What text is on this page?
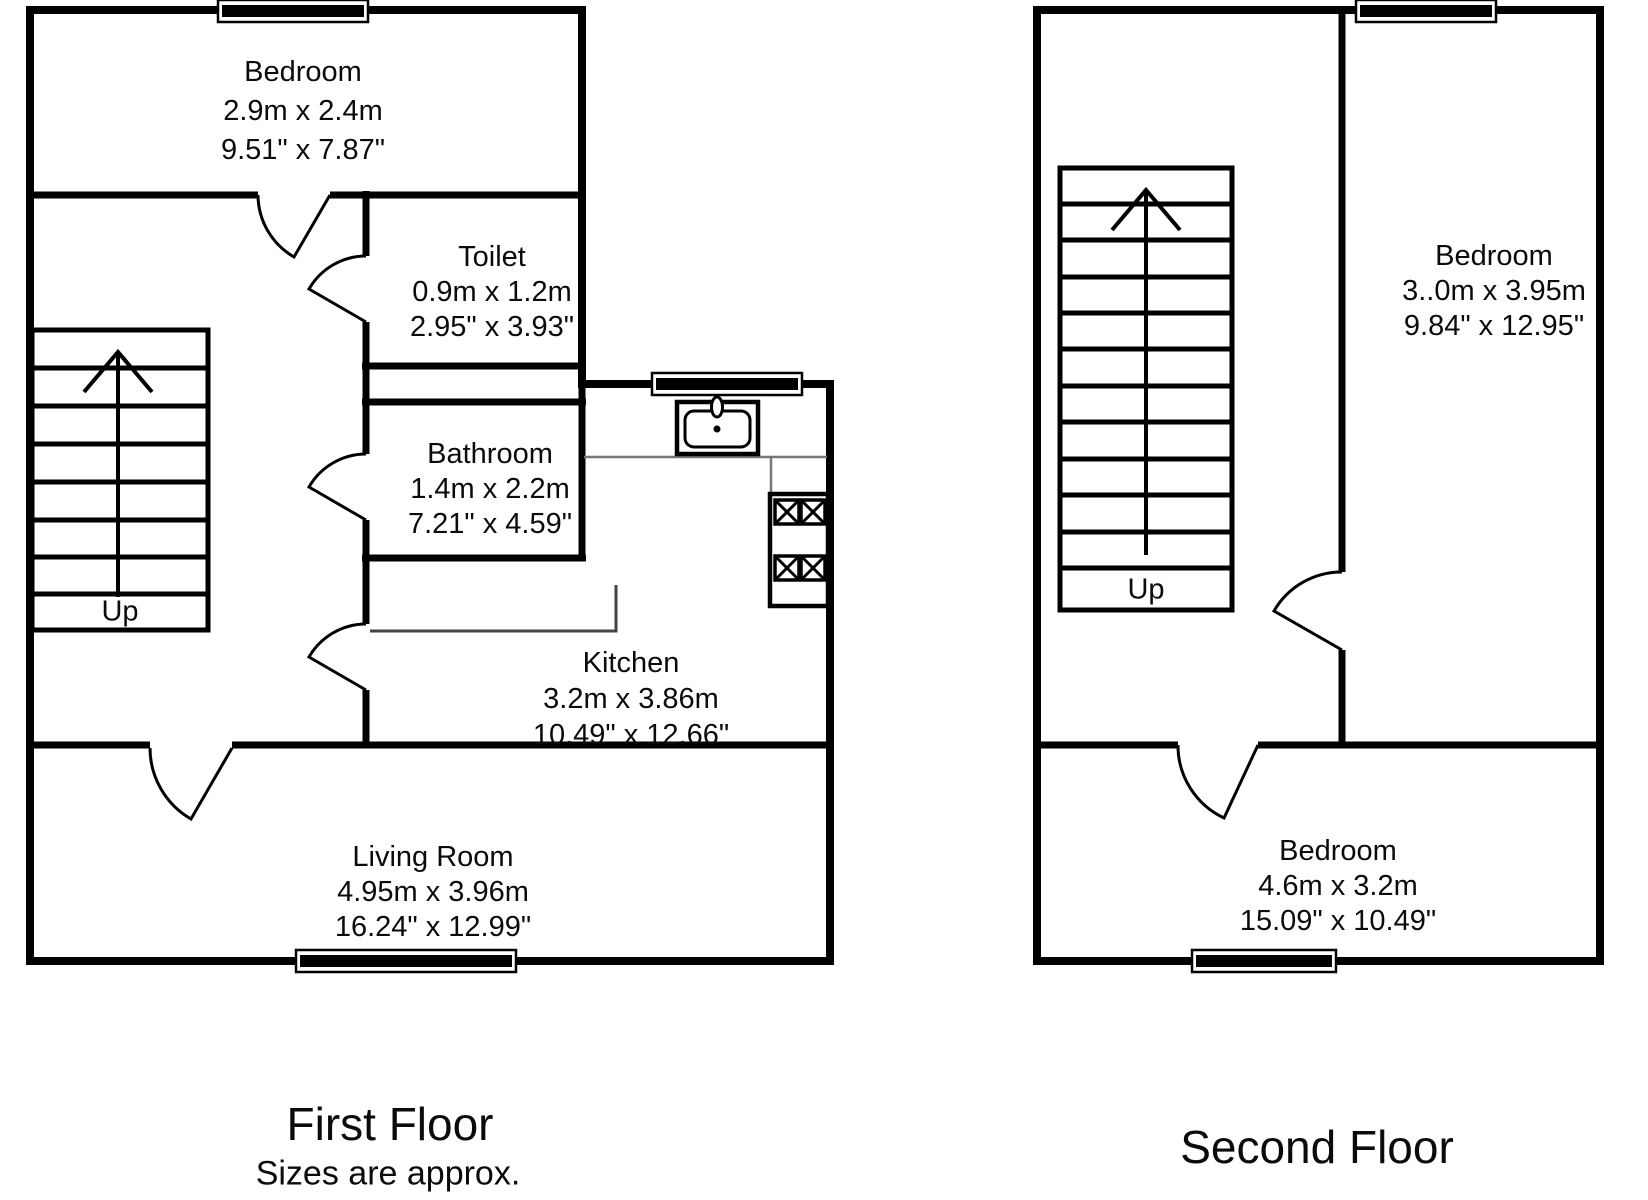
Bedroom
2.9m x 2.4m
9.51" x 7.87"
Toilet
0.9m x 1.2m
2.95" x 3.93"
Bathroom
1.4m x 2.2m
7.21" x 4.59"
Kitchen
3.2m x 3.86m
10.49" x 12.66"
Living Room
4.95m x 3.96m
16.24" x 12.99"
Up
Bedroom
3..0m x 3.95m
9.84" x 12.95"
Bedroom
4.6m x 3.2m
15.09" x 10.49"
Up
First Floor
Sizes are approx.
Second Floor
